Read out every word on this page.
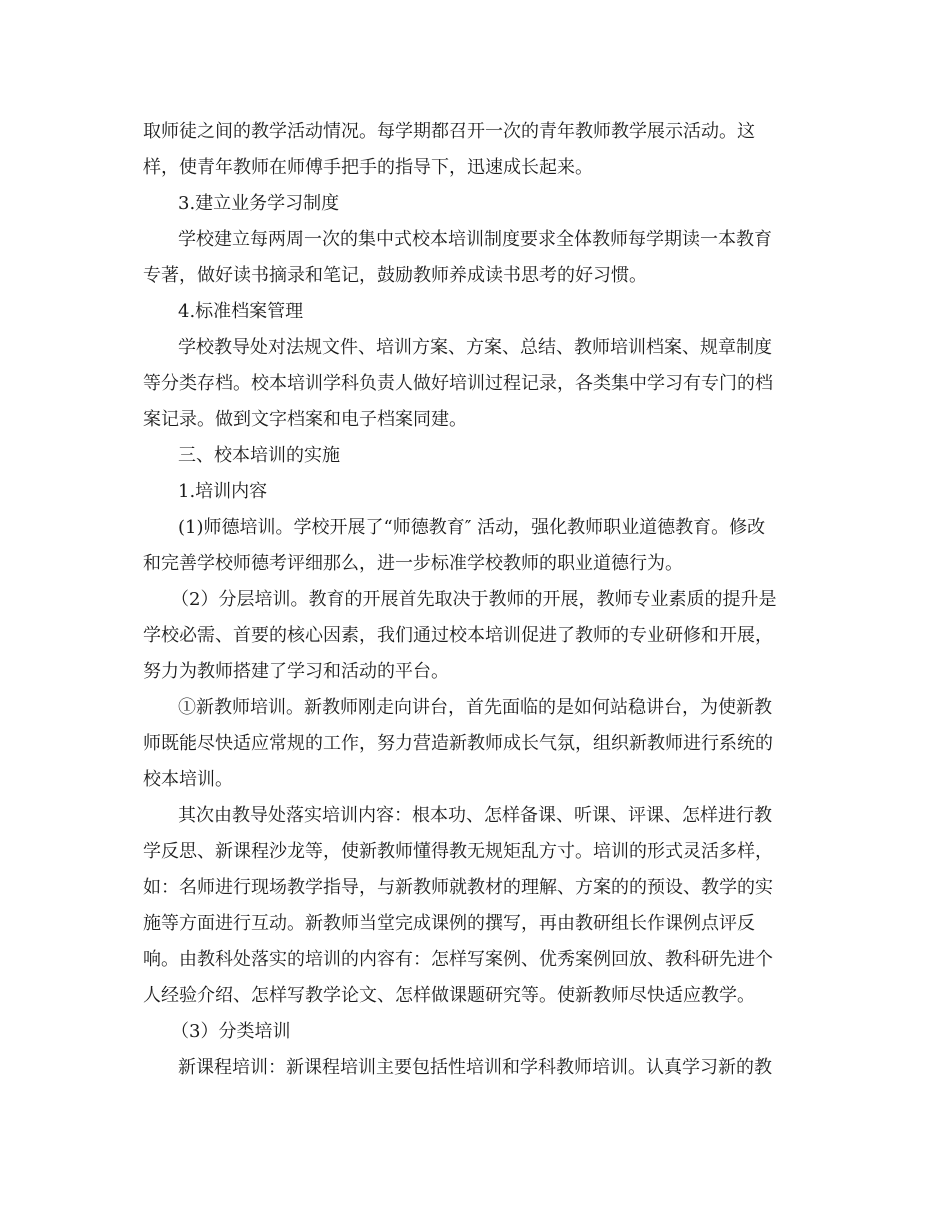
取师徒之间的教学活动情况。每学期都召开一次的青年教师教学展示活动。这
样，使青年教师在师傅手把手的指导下，迅速成长起来。
3.建立业务学习制度
学校建立每两周一次的集中式校本培训制度要求全体教师每学期读一本教育
专著，做好读书摘录和笔记，鼓励教师养成读书思考的好习惯。
4.标准档案管理
学校教导处对法规文件、培训方案、方案、总结、教师培训档案、规章制度
等分类存档。校本培训学科负责人做好培训过程记录，各类集中学习有专门的档
案记录。做到文字档案和电子档案同建。
三、校本培训的实施
1.培训内容
(1)师德培训。学校开展了“师德教育″ 活动，强化教师职业道德教育。修改
和完善学校师德考评细那么，进一步标准学校教师的职业道德行为。
（2）分层培训。教育的开展首先取决于教师的开展，教师专业素质的提升是
学校必需、首要的核心因素，我们通过校本培训促进了教师的专业研修和开展，
努力为教师搭建了学习和活动的平台。
①新教师培训。新教师刚走向讲台，首先面临的是如何站稳讲台，为使新教
师既能尽快适应常规的工作，努力营造新教师成长气氛，组织新教师进行系统的
校本培训。
其次由教导处落实培训内容：根本功、怎样备课、听课、评课、怎样进行教
学反思、新课程沙龙等，使新教师懂得教无规矩乱方寸。培训的形式灵活多样，
如：名师进行现场教学指导，与新教师就教材的理解、方案的的预设、教学的实
施等方面进行互动。新教师当堂完成课例的撰写，再由教研组长作课例点评反
响。由教科处落实的培训的内容有：怎样写案例、优秀案例回放、教科研先进个
人经验介绍、怎样写教学论文、怎样做课题研究等。使新教师尽快适应教学。
（3）分类培训
新课程培训：新课程培训主要包括性培训和学科教师培训。认真学习新的教
